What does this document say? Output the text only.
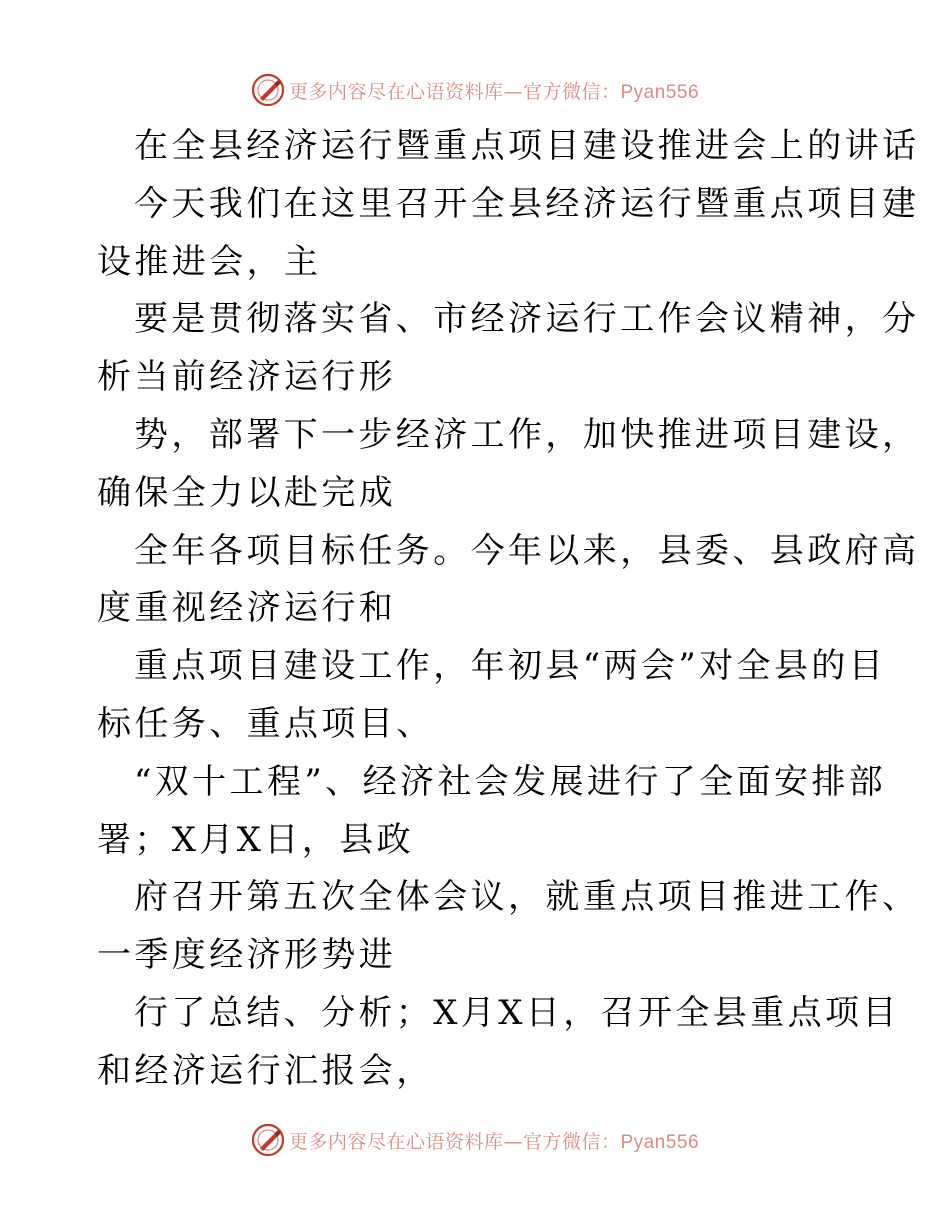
更多内容尽在心语资料库—官方微信：Pyan556
在全县经济运行暨重点项目建设推进会上的讲话
今天我们在这里召开全县经济运行暨重点项目建
设推进会，主
要是贯彻落实省、市经济运行工作会议精神，分
析当前经济运行形
势，部署下一步经济工作，加快推进项目建设，
确保全力以赴完成
全年各项目标任务。今年以来，县委、县政府高
度重视经济运行和
重点项目建设工作，年初县“两会”对全县的目
标任务、重点项目、
“双十工程”、经济社会发展进行了全面安排部
署；X月X日，县政
府召开第五次全体会议，就重点项目推进工作、
一季度经济形势进
行了总结、分析；X月X日，召开全县重点项目
和经济运行汇报会，
更多内容尽在心语资料库—官方微信：Pyan556
